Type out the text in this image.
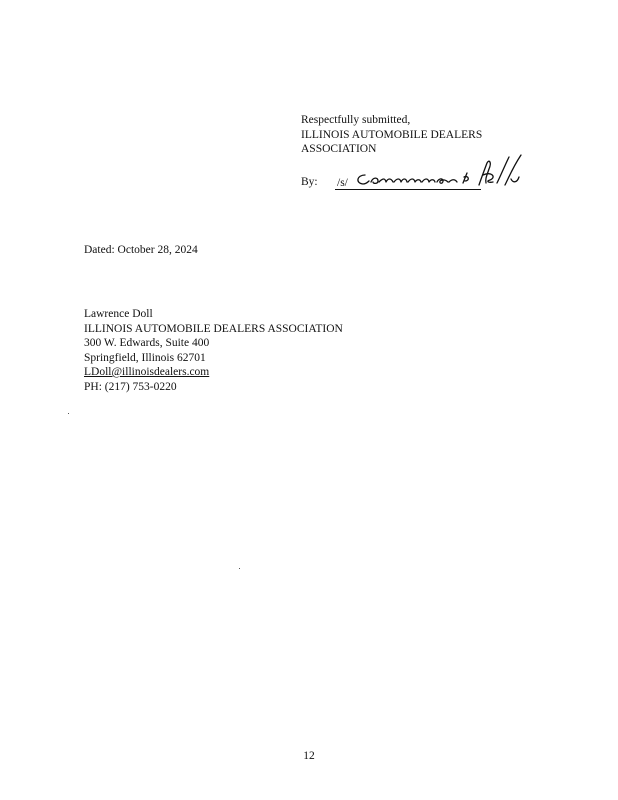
Respectfully submitted,
ILLINOIS AUTOMOBILE DEALERS
ASSOCIATION
By: /s/
Dated: October 28, 2024
Lawrence Doll
ILLINOIS AUTOMOBILE DEALERS ASSOCIATION
300 W. Edwards, Suite 400
Springfield, Illinois 62701
LDoll@illinoisdealers.com
PH: (217) 753-0220
12
